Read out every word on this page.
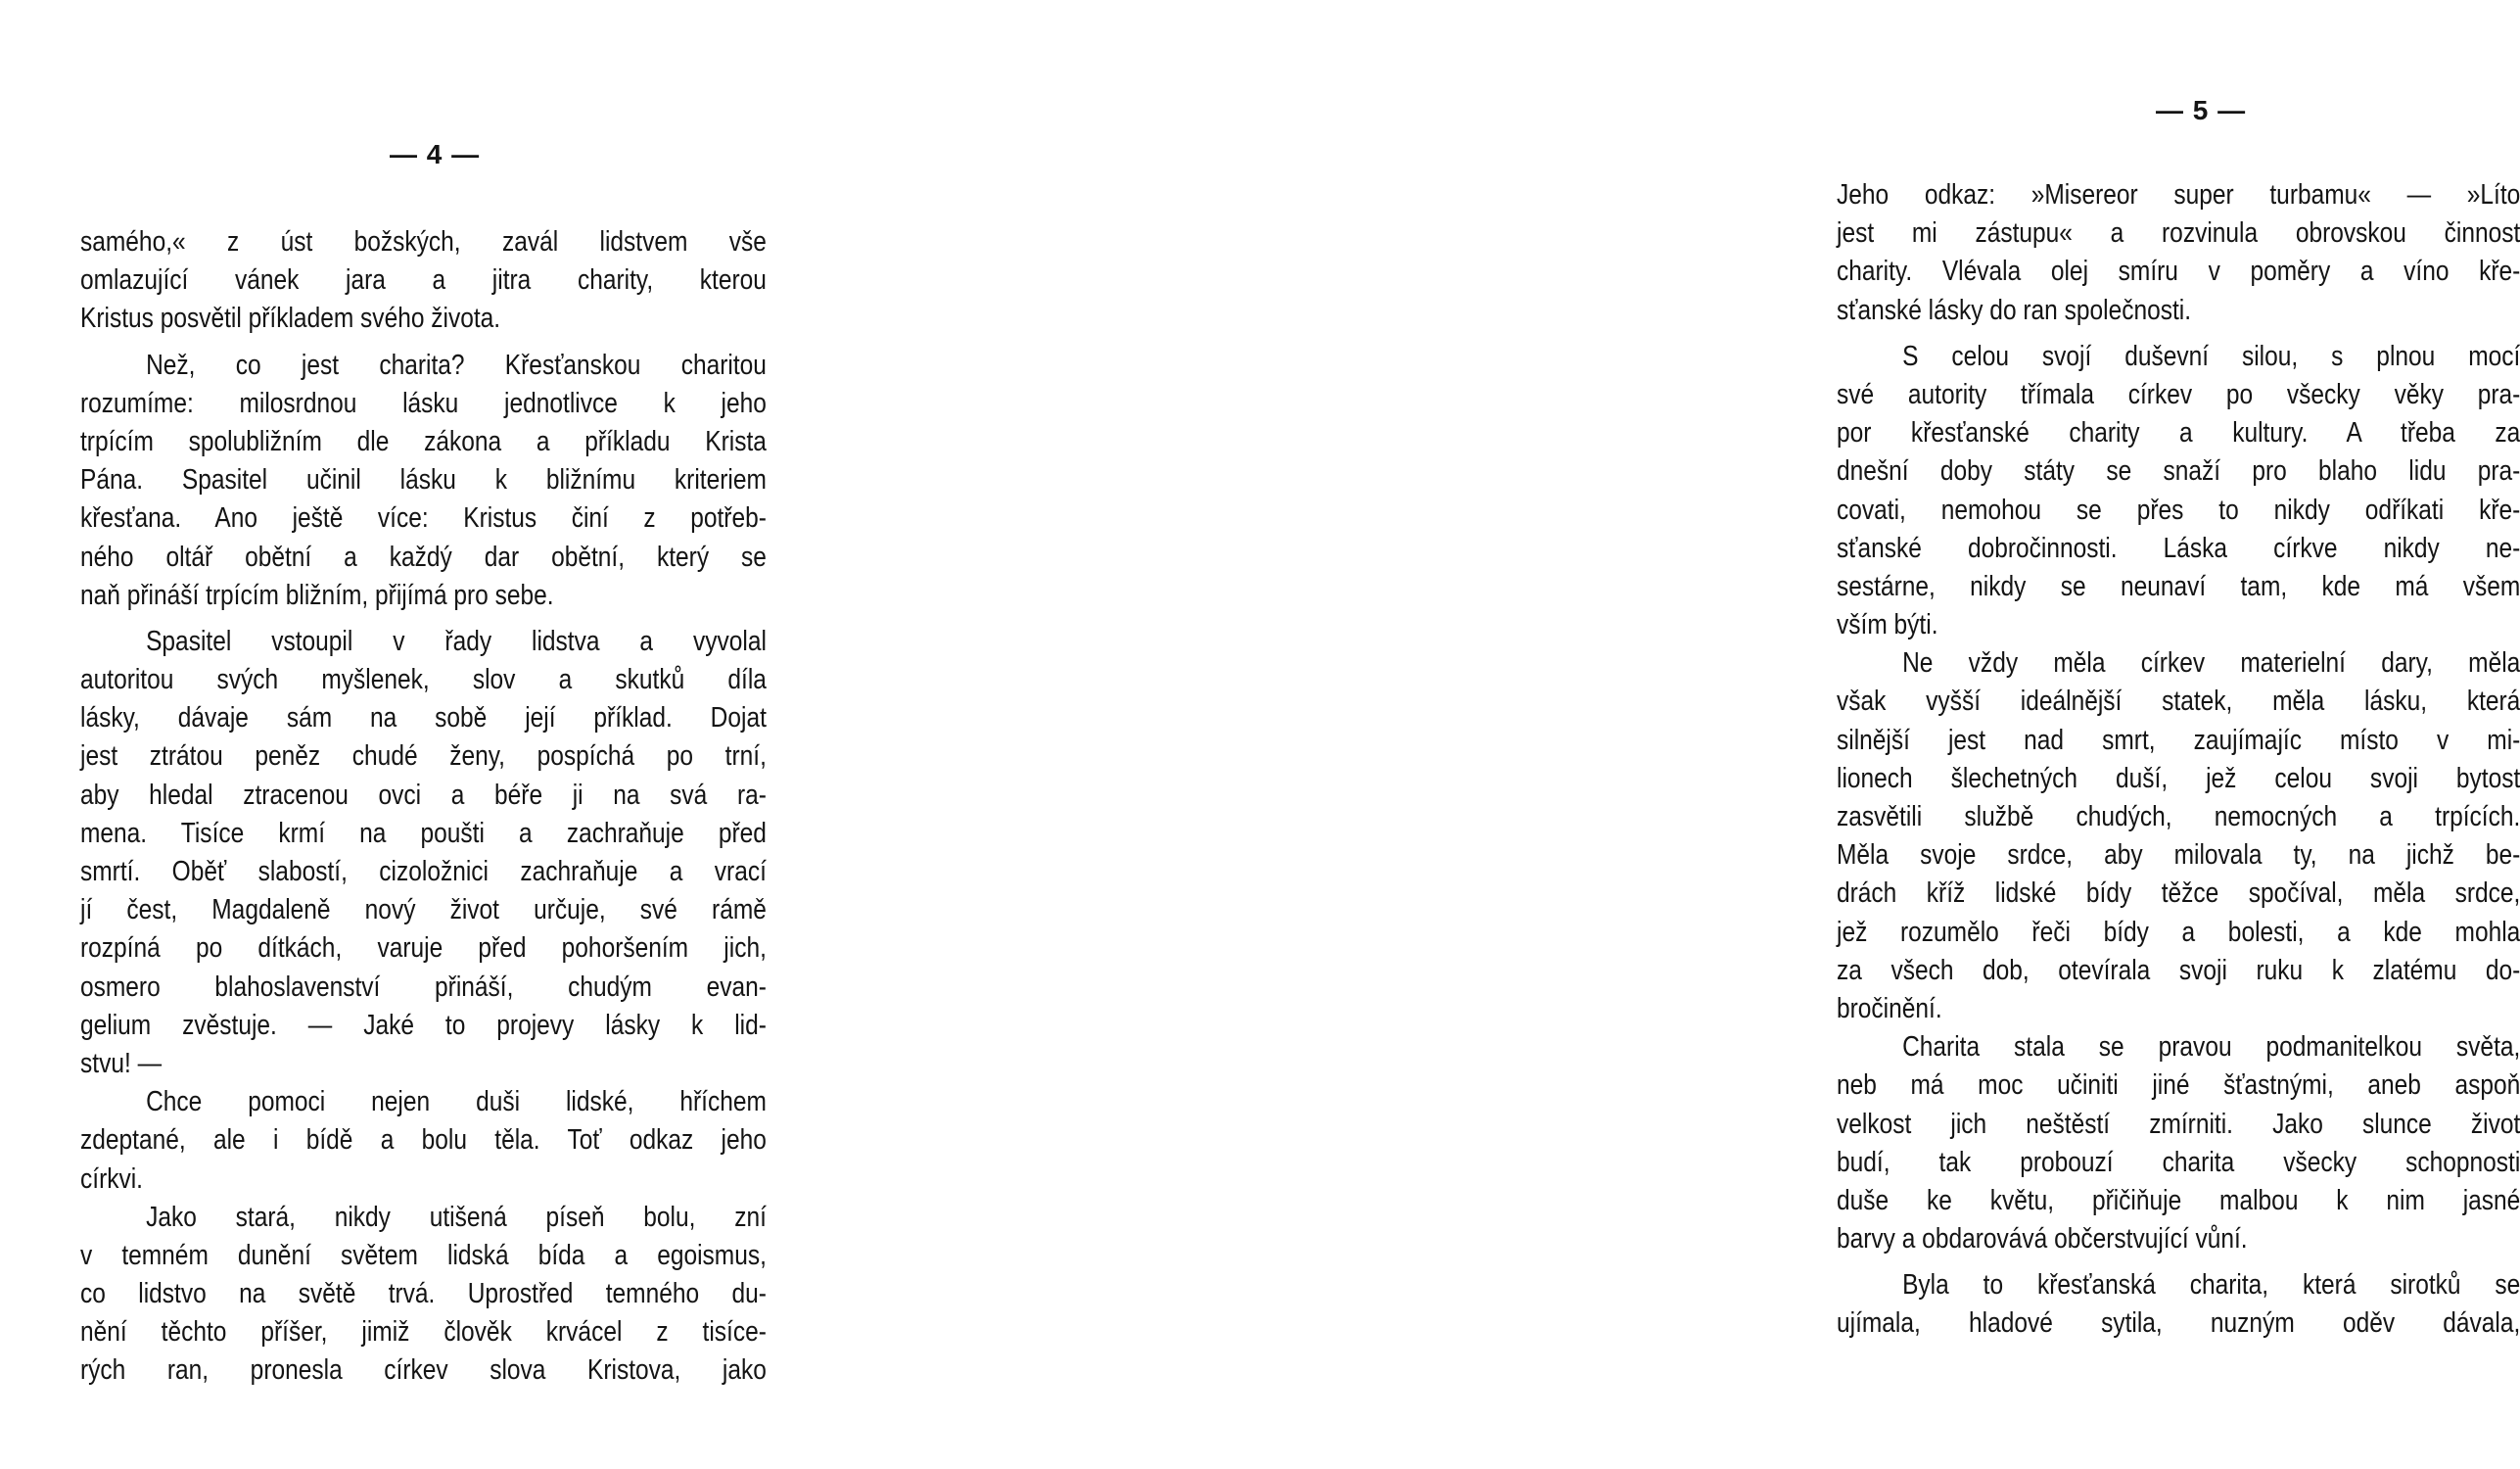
— 4 —
samého,« z úst božských, zavál lidstvem vše
omlazující vánek jara a jitra charity, kterou
Kristus posvětil příkladem svého života.
Než, co jest charita? Křesťanskou charitou
rozumíme: milosrdnou lásku jednotlivce k jeho
trpícím spolubližním dle zákona a příkladu Krista
Pána. Spasitel učinil lásku k bližnímu kriteriem
křesťana. Ano ještě více: Kristus činí z potřeb-
ného oltář obětní a každý dar obětní, který se
naň přináší trpícím bližním, přijímá pro sebe.
Spasitel vstoupil v řady lidstva a vyvolal
autoritou svých myšlenek, slov a skutků díla
lásky, dávaje sám na sobě její příklad. Dojat
jest ztrátou peněz chudé ženy, pospíchá po trní,
aby hledal ztracenou ovci a béře ji na svá ra-
mena. Tisíce krmí na poušti a zachraňuje před
smrtí. Oběť slabostí, cizoložnici zachraňuje a vrací
jí čest, Magdaleně nový život určuje, své rámě
rozpíná po dítkách, varuje před pohoršením jich,
osmero blahoslavenství přináší, chudým evan-
gelium zvěstuje. — Jaké to projevy lásky k lid-
stvu! —
Chce pomoci nejen duši lidské, hříchem
zdeptané, ale i bídě a bolu těla. Toť odkaz jeho
církvi.
Jako stará, nikdy utišená píseň bolu, zní
v temném dunění světem lidská bída a egoismus,
co lidstvo na světě trvá. Uprostřed temného du-
nění těchto příšer, jimiž člověk krvácel z tisíce-
rých ran, pronesla církev slova Kristova, jako
— 5 —
Jeho odkaz: »Misereor super turbamu« — »Líto
jest mi zástupu« a rozvinula obrovskou činnost
charity. Vlévala olej smíru v poměry a víno kře-
sťanské lásky do ran společnosti.
S celou svojí duševní silou, s plnou mocí
své autority třímala církev po všecky věky pra-
por křesťanské charity a kultury. A třeba za
dnešní doby státy se snaží pro blaho lidu pra-
covati, nemohou se přes to nikdy odříkati kře-
sťanské dobročinnosti. Láska církve nikdy ne-
sestárne, nikdy se neunaví tam, kde má všem
vším býti.
Ne vždy měla církev materielní dary, měla
však vyšší ideálnější statek, měla lásku, která
silnější jest nad smrt, zaujímajíc místo v mi-
lionech šlechetných duší, jež celou svoji bytost
zasvětili službě chudých, nemocných a trpících.
Měla svoje srdce, aby milovala ty, na jichž be-
drách kříž lidské bídy těžce spočíval, měla srdce,
jež rozumělo řeči bídy a bolesti, a kde mohla
za všech dob, otevírala svoji ruku k zlatému do-
bročinění.
Charita stala se pravou podmanitelkou světa,
neb má moc učiniti jiné šťastnými, aneb aspoň
velkost jich neštěstí zmírniti. Jako slunce život
budí, tak probouzí charita všecky schopnosti
duše ke květu, přičiňuje malbou k nim jasné
barvy a obdarovává občerstvující vůní.
Byla to křesťanská charita, která sirotků se
ujímala, hladové sytila, nuzným oděv dávala,
